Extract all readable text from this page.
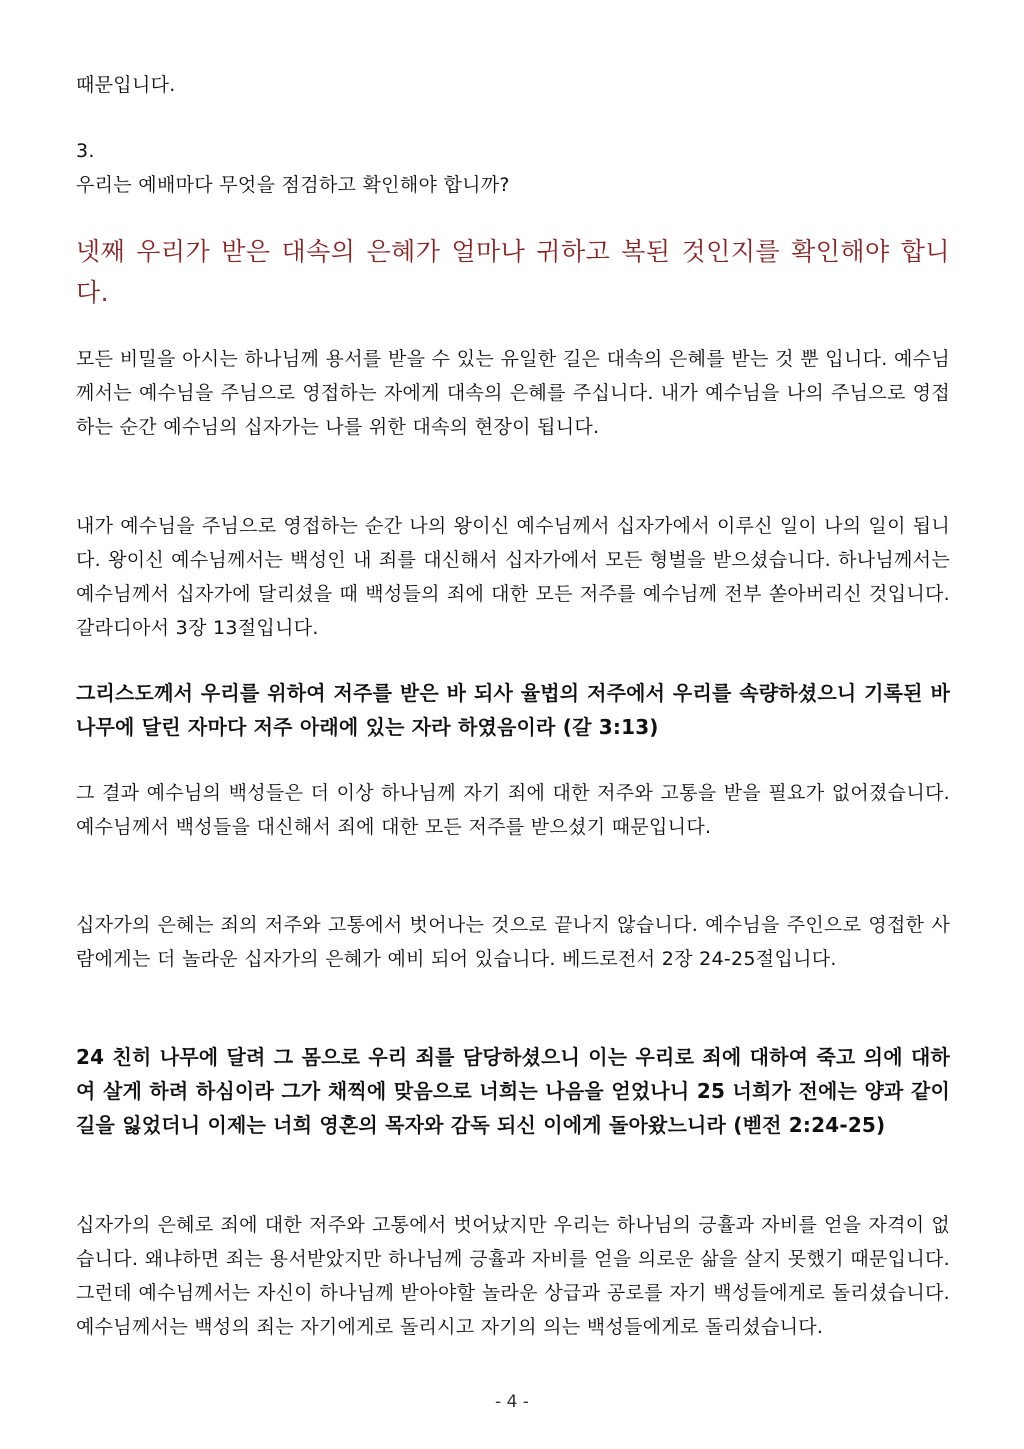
때문입니다.

3.

우리는 예배마다 무엇을 점검하고 확인해야 합니까?

넷째 우리가 받은 대속의 은혜가 얼마나 귀하고 복된 것인지를 확인해야 합니다.

모든 비밀을 아시는 하나님께 용서를 받을 수 있는 유일한 길은 대속의 은혜를 받는 것 뿐 입니다. 예수님께서는 예수님을 주님으로 영접하는 자에게 대속의 은혜를 주십니다. 내가 예수님을 나의 주님으로 영접하는 순간 예수님의 십자가는 나를 위한 대속의 현장이 됩니다.

내가 예수님을 주님으로 영접하는 순간 나의 왕이신 예수님께서 십자가에서 이루신 일이 나의 일이 됩니다. 왕이신 예수님께서는 백성인 내 죄를 대신해서 십자가에서 모든 형벌을 받으셨습니다. 하나님께서는 예수님께서 십자가에 달리셨을 때 백성들의 죄에 대한 모든 저주를 예수님께 전부 쏟아버리신 것입니다. 갈라디아서 3장 13절입니다.

그리스도께서 우리를 위하여 저주를 받은 바 되사 율법의 저주에서 우리를 속량하셨으니 기록된 바 나무에 달린 자마다 저주 아래에 있는 자라 하였음이라 (갈 3:13)

그 결과 예수님의 백성들은 더 이상 하나님께 자기 죄에 대한 저주와 고통을 받을 필요가 없어졌습니다. 예수님께서 백성들을 대신해서 죄에 대한 모든 저주를 받으셨기 때문입니다.

십자가의 은혜는 죄의 저주와 고통에서 벗어나는 것으로 끝나지 않습니다. 예수님을 주인으로 영접한 사람에게는 더 놀라운 십자가의 은혜가 예비 되어 있습니다. 베드로전서 2장 24-25절입니다.

24 친히 나무에 달려 그 몸으로 우리 죄를 담당하셨으니 이는 우리로 죄에 대하여 죽고 의에 대하여 살게 하려 하심이라 그가 채찍에 맞음으로 너희는 나음을 얻었나니 25 너희가 전에는 양과 같이 길을 잃었더니 이제는 너희 영혼의 목자와 감독 되신 이에게 돌아왔느니라 (벧전 2:24-25)

십자가의 은혜로 죄에 대한 저주와 고통에서 벗어났지만 우리는 하나님의 긍휼과 자비를 얻을 자격이 없습니다. 왜냐하면 죄는 용서받았지만 하나님께 긍휼과 자비를 얻을 의로운 삶을 살지 못했기 때문입니다. 그런데 예수님께서는 자신이 하나님께 받아야할 놀라운 상급과 공로를 자기 백성들에게로 돌리셨습니다. 예수님께서는 백성의 죄는 자기에게로 돌리시고 자기의 의는 백성들에게로 돌리셨습니다.

- 4 -
